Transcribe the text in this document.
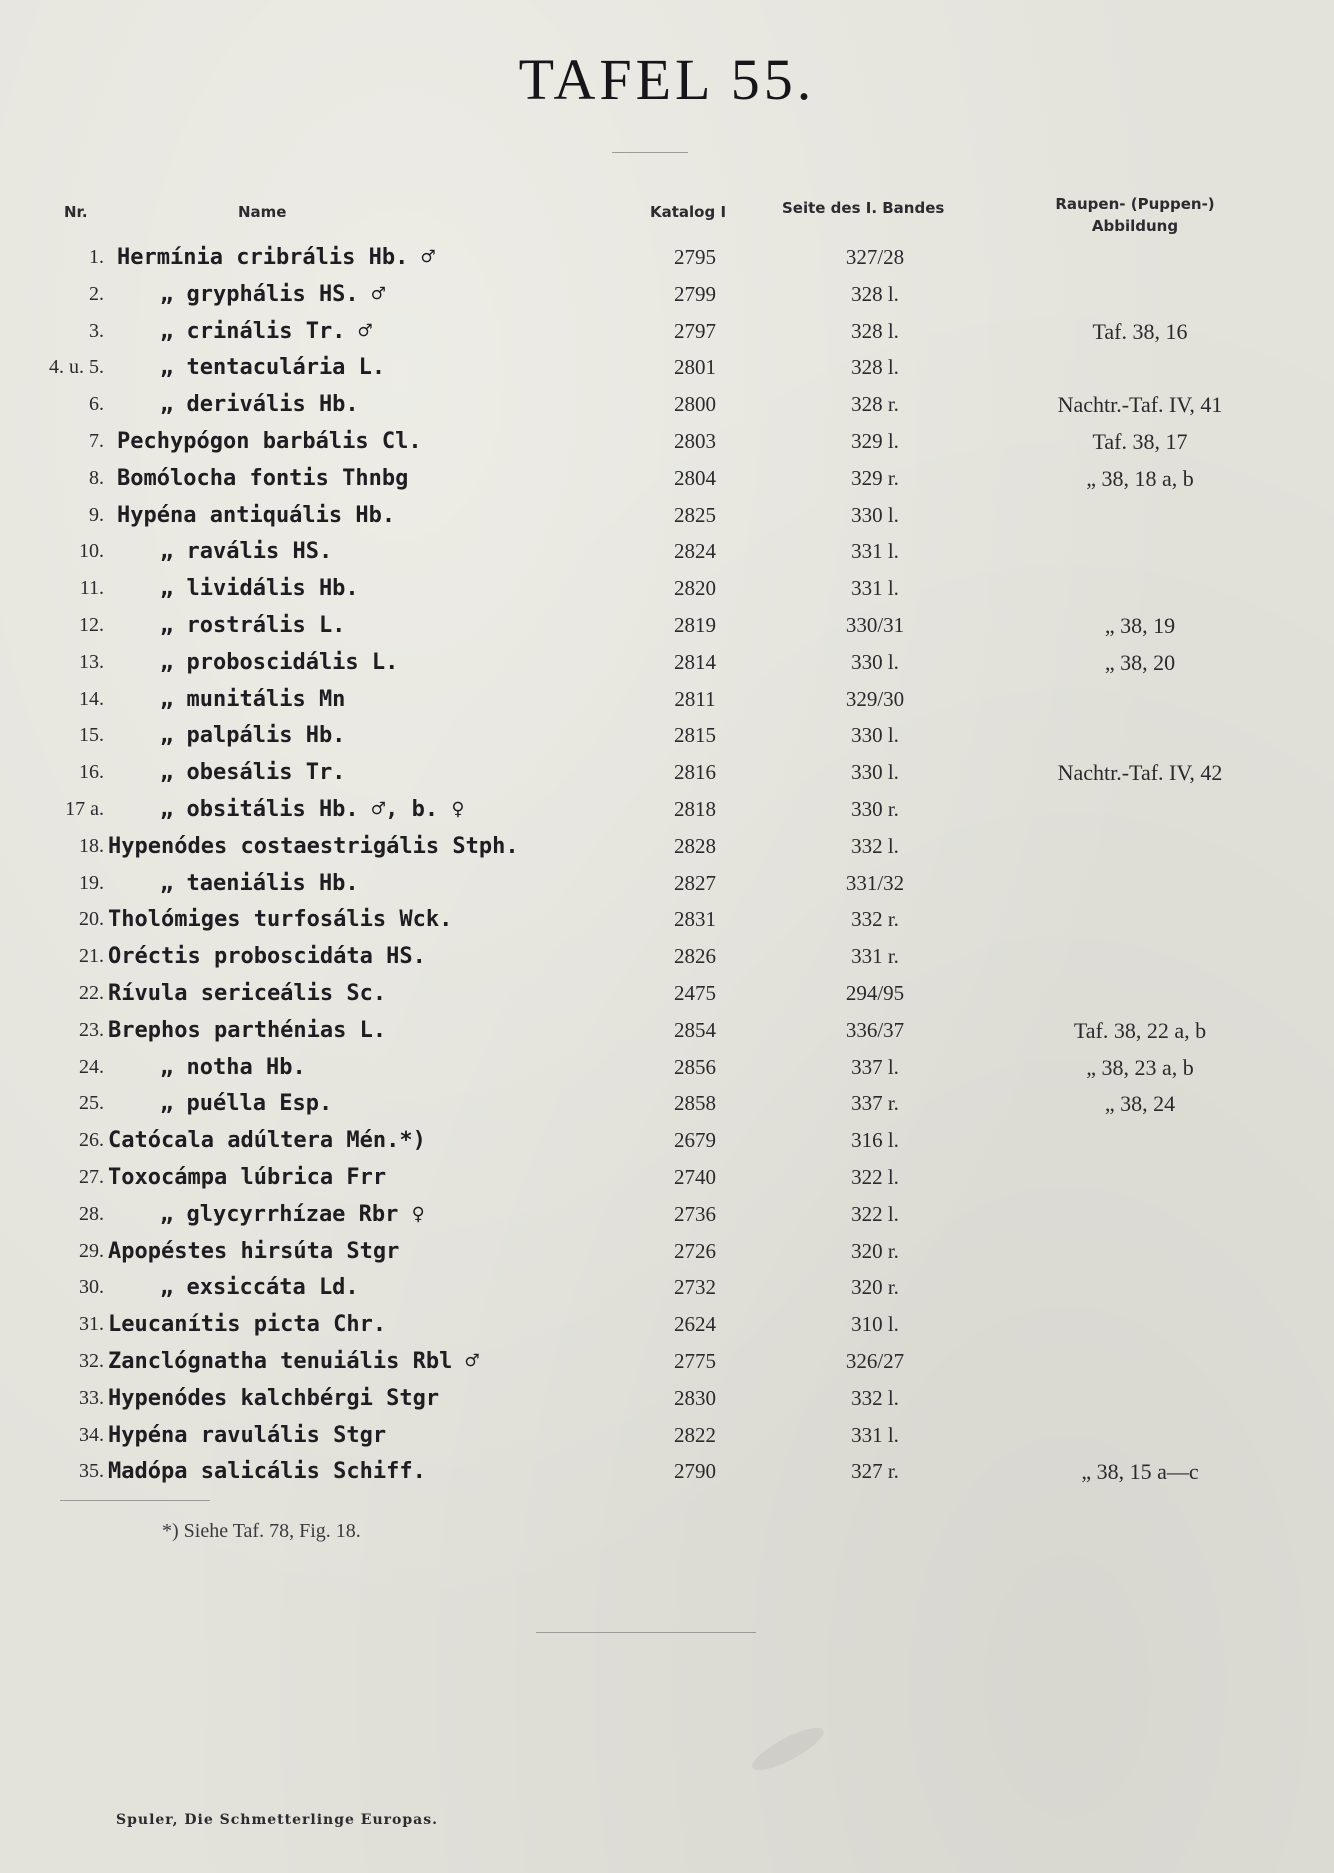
TAFEL 55.
Nr.	Name	Katalog I	Seite des I. Bandes	Raupen- (Puppen-)
Abbildung
1. Hermínia cribrális Hb. ♂	2795	327/28
2.	„ gryphális HS. ♂	2799	328 l.
3.	„ crinális Tr. ♂	2797	328 l.	Taf. 38, 16
4. u. 5.	„ tentaculária L.	2801	328 l.
6.	„ derivális Hb.	2800	328 r.	Nachtr.-Taf. IV, 41
7. Pechypógon barbális Cl.	2803	329 l.	Taf. 38, 17
8. Bomólocha fontis Thnbg	2804	329 r.	„ 38, 18 a, b
9. Hypéna antiquális Hb.	2825	330 l.
10.	„ ravális HS.	2824	331 l.
11.	„ lividális Hb.	2820	331 l.
12.	„ rostrális L.	2819	330/31	„ 38, 19
13.	„ proboscidális L.	2814	330 l.	„ 38, 20
14.	„ munitális Mn	2811	329/30
15.	„ palpális Hb.	2815	330 l.
16.	„ obesális Tr.	2816	330 l.	Nachtr.-Taf. IV, 42
17 a.	„ obsitális Hb. ♂, b. ♀	2818	330 r.
18. Hypenódes costaestrigális Stph.	2828	332 l.
19.	„ taeniális Hb.	2827	331/32
20. Tholómiges turfosális Wck.	2831	332 r.
21. Oréctis proboscidáta HS.	2826	331 r.
22. Rívula sericeális Sc.	2475	294/95
23. Brephos parthénias L.	2854	336/37	Taf. 38, 22 a, b
24.	„ notha Hb.	2856	337 l.	„ 38, 23 a, b
25.	„ puélla Esp.	2858	337 r.	„ 38, 24
26. Catócala adúltera Mén.*)	2679	316 l.
27. Toxocámpa lúbrica Frr	2740	322 l.
28.	„ glycyrrhízae Rbr ♀	2736	322 l.
29. Apopéstes hirsúta Stgr	2726	320 r.
30.	„ exsiccáta Ld.	2732	320 r.
31. Leucanítis picta Chr.	2624	310 l.
32. Zanclógnatha tenuiális Rbl ♂	2775	326/27
33. Hypenódes kalchbérgi Stgr	2830	332 l.
34. Hypéna ravulális Stgr	2822	331 l.
35. Madópa salicális Schiff.	2790	327 r.	„ 38, 15 a—c
*) Siehe Taf. 78, Fig. 18.
Spuler, Die Schmetterlinge Europas.
